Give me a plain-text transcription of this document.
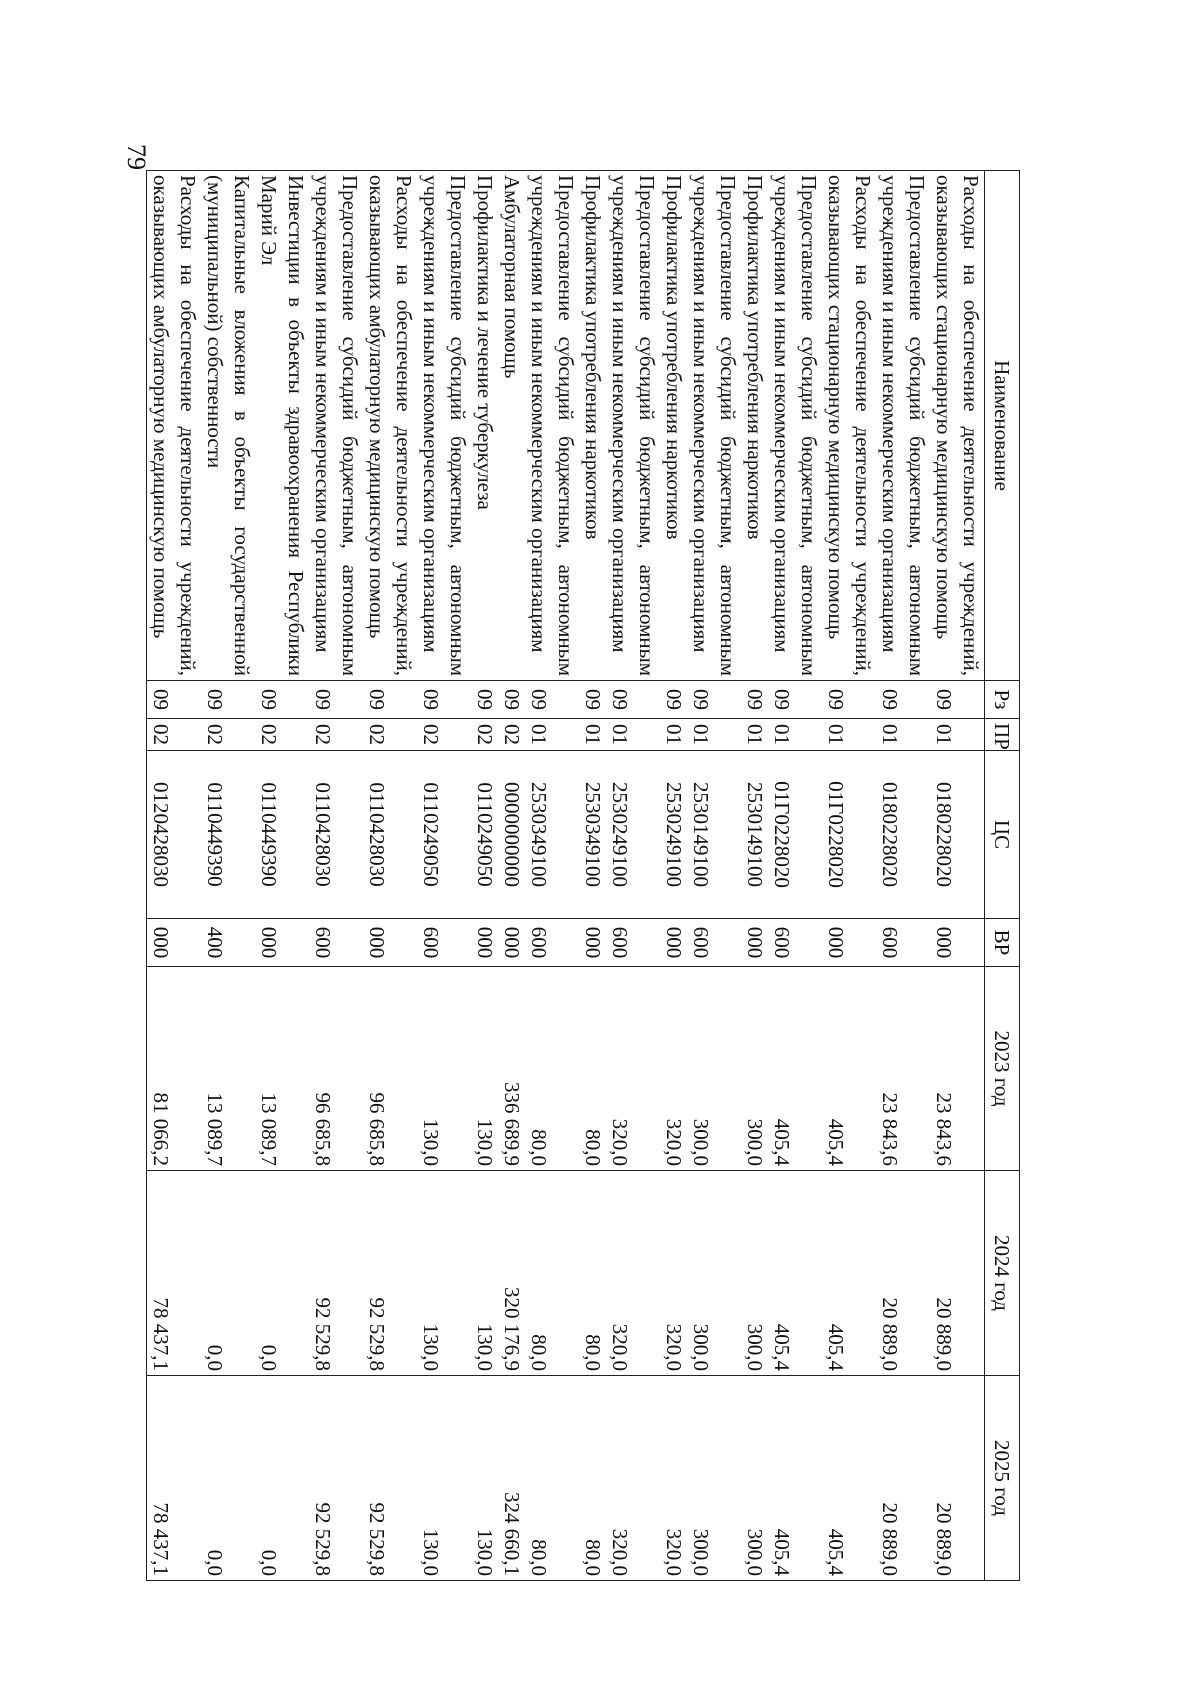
79
Наименование	Рз	ПР	ЦС	ВР	2023 год	2024 год	2025 год
Расходы на обеспечение деятельности учреждений, оказывающих стационарную медицинскую помощь	09	01	0180228020	000	23 843,6	20 889,0	20 889,0
Предоставление субсидий бюджетным, автономным учреждениям и иным некоммерческим организациям	09	01	0180228020	600	23 843,6	20 889,0	20 889,0
Расходы на обеспечение деятельности учреждений, оказывающих стационарную медицинскую помощь	09	01	01Г0228020	000	405,4	405,4	405,4
Предоставление субсидий бюджетным, автономным учреждениям и иным некоммерческим организациям	09	01	01Г0228020	600	405,4	405,4	405,4
Профилактика употребления наркотиков	09	01	2530149100	000	300,0	300,0	300,0
Предоставление субсидий бюджетным, автономным учреждениям и иным некоммерческим организациям	09	01	2530149100	600	300,0	300,0	300,0
Профилактика употребления наркотиков	09	01	2530249100	000	320,0	320,0	320,0
Предоставление субсидий бюджетным, автономным учреждениям и иным некоммерческим организациям	09	01	2530249100	600	320,0	320,0	320,0
Профилактика употребления наркотиков	09	01	2530349100	000	80,0	80,0	80,0
Предоставление субсидий бюджетным, автономным учреждениям и иным некоммерческим организациям	09	01	2530349100	600	80,0	80,0	80,0
Амбулаторная помощь	09	02	0000000000	000	336 689,9	320 176,9	324 660,1
Профилактика и лечение туберкулеза	09	02	0110249050	000	130,0	130,0	130,0
Предоставление субсидий бюджетным, автономным учреждениям и иным некоммерческим организациям	09	02	0110249050	600	130,0	130,0	130,0
Расходы на обеспечение деятельности учреждений, оказывающих амбулаторную медицинскую помощь	09	02	0110428030	000	96 685,8	92 529,8	92 529,8
Предоставление субсидий бюджетным, автономным учреждениям и иным некоммерческим организациям	09	02	0110428030	600	96 685,8	92 529,8	92 529,8
Инвестиции в объекты здравоохранения Республики Марий Эл	09	02	0110449390	000	13 089,7	0,0	0,0
Капитальные вложения в объекты государственной (муниципальной) собственности	09	02	0110449390	400	13 089,7	0,0	0,0
Расходы на обеспечение деятельности учреждений, оказывающих амбулаторную медицинскую помощь	09	02	0120428030	000	81 066,2	78 437,1	78 437,1
